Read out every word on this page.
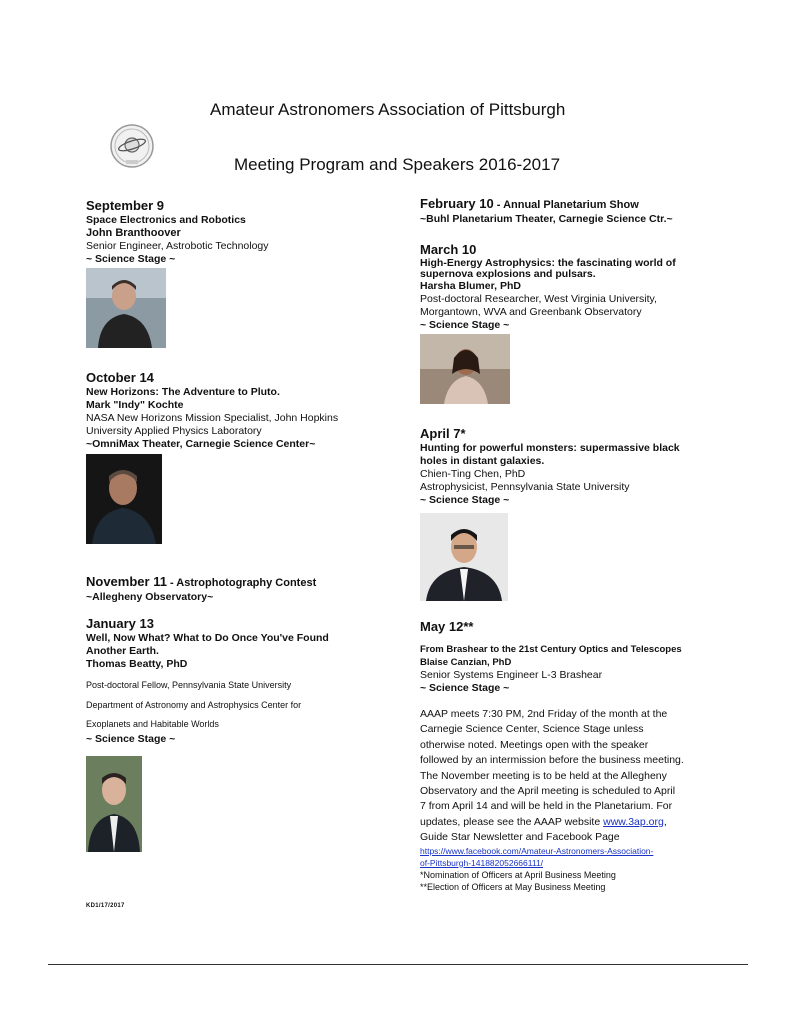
Amateur Astronomers Association of Pittsburgh
Meeting Program and Speakers 2016-2017

September 9

Space Electronics and Robotics

John Branthoover

Senior Engineer, Astrobotic Technology

~ Science Stage ~

October 14

New Horizons: The Adventure to Pluto.

Mark "Indy" Kochte

NASA New Horizons Mission Specialist, John Hopkins

University Applied Physics Laboratory

~OmniMax Theater, Carnegie Science Center~

November 11 - Astrophotography Contest

~Allegheny Observatory~

January 13

Well, Now What? What to Do Once You've Found

Another Earth.

Thomas Beatty, PhD

Post-doctoral Fellow, Pennsylvania State University

Department of Astronomy and Astrophysics Center for

Exoplanets and Habitable Worlds

~ Science Stage ~

KD1/17/2017

February 10 - Annual Planetarium Show

~Buhl Planetarium Theater, Carnegie Science Ctr.~

March 10

High-Energy Astrophysics: the fascinating world of

supernova explosions and pulsars.

Harsha Blumer, PhD

Post-doctoral Researcher, West Virginia University,

Morgantown, WVA and Greenbank Observatory

~ Science Stage ~

April 7*

Hunting for powerful monsters: supermassive black

holes in distant galaxies.

Chien-Ting Chen, PhD

Astrophysicist, Pennsylvania State University

~ Science Stage ~

May 12**

From Brashear to the 21st Century Optics and Telescopes

Blaise Canzian, PhD

Senior Systems Engineer L-3 Brashear

~ Science Stage ~

AAAP meets 7:30 PM, 2nd Friday of the month at the

Carnegie Science Center, Science Stage unless

otherwise noted. Meetings open with the speaker

followed by an intermission before the business meeting.

The November meeting is to be held at the Allegheny

Observatory and the April meeting is scheduled to April

7 from April 14 and will be held in the Planetarium. For

updates, please see the AAAP website www.3ap.org,

Guide Star Newsletter and Facebook Page

https://www.facebook.com/Amateur-Astronomers-Association-

of-Pittsburgh-141882052666111/

*Nomination of Officers at April Business Meeting

**Election of Officers at May Business Meeting
